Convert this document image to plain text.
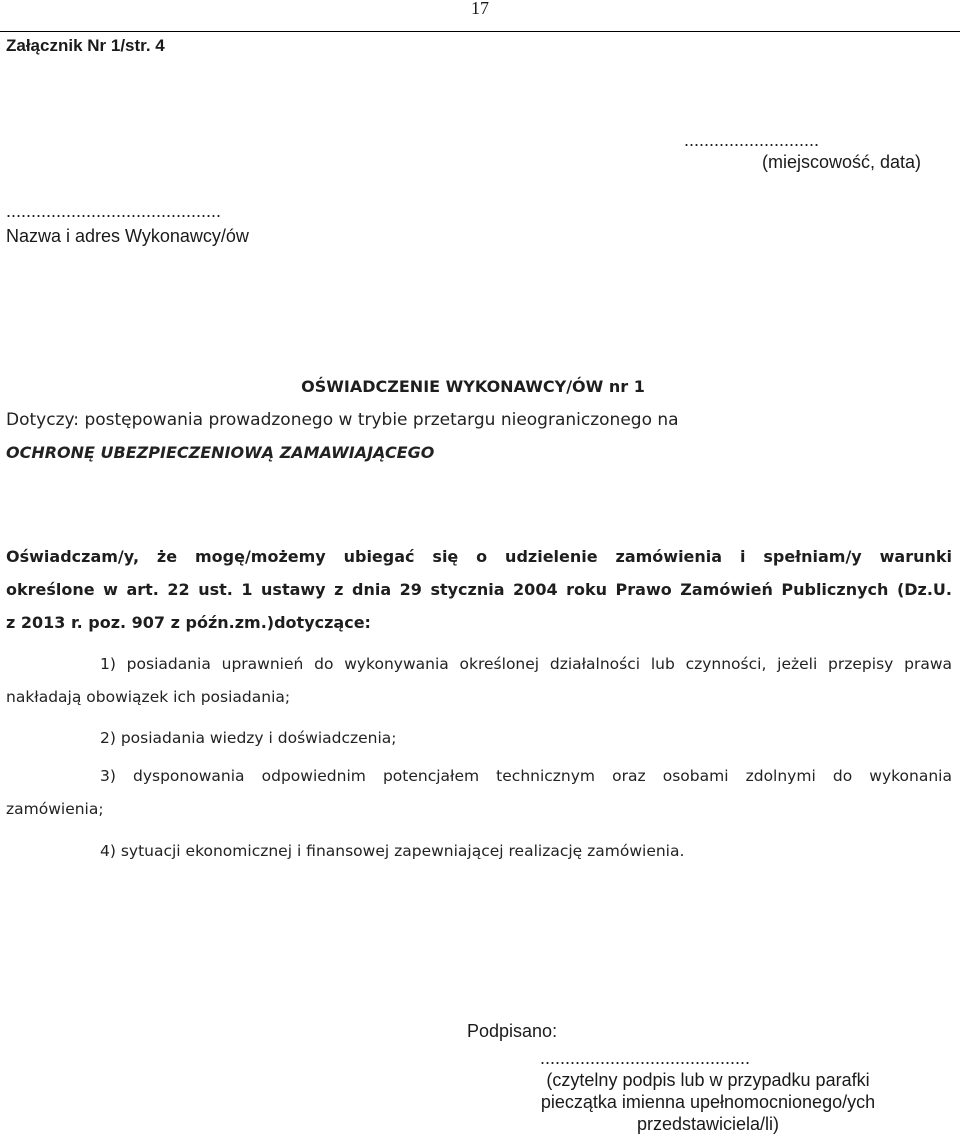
17
Załącznik Nr 1/str. 4
...........................
(miejscowość, data)
...........................................
Nazwa i adres Wykonawcy/ów
OŚWIADCZENIE WYKONAWCY/ÓW nr 1
Dotyczy: postępowania prowadzonego w trybie przetargu nieograniczonego na
OCHRONĘ UBEZPIECZENIOWĄ ZAMAWIAJĄCEGO
Oświadczam/y, że mogę/możemy ubiegać się o udzielenie zamówienia i spełniam/y warunki
określone w art. 22 ust. 1 ustawy z dnia 29 stycznia 2004 roku Prawo Zamówień Publicznych (Dz.U.
z 2013 r. poz. 907 z późn.zm.)dotyczące:
1) posiadania uprawnień do wykonywania określonej działalności lub czynności, jeżeli przepisy prawa
nakładają obowiązek ich posiadania;
2) posiadania wiedzy i doświadczenia;
3) dysponowania odpowiednim potencjałem technicznym oraz osobami zdolnymi do wykonania
zamówienia;
4) sytuacji ekonomicznej i finansowej zapewniającej realizację zamówienia.
Podpisano:
..........................................
(czytelny podpis lub w przypadku parafki
pieczątka imienna upełnomocnionego/ych
przedstawiciela/li)
